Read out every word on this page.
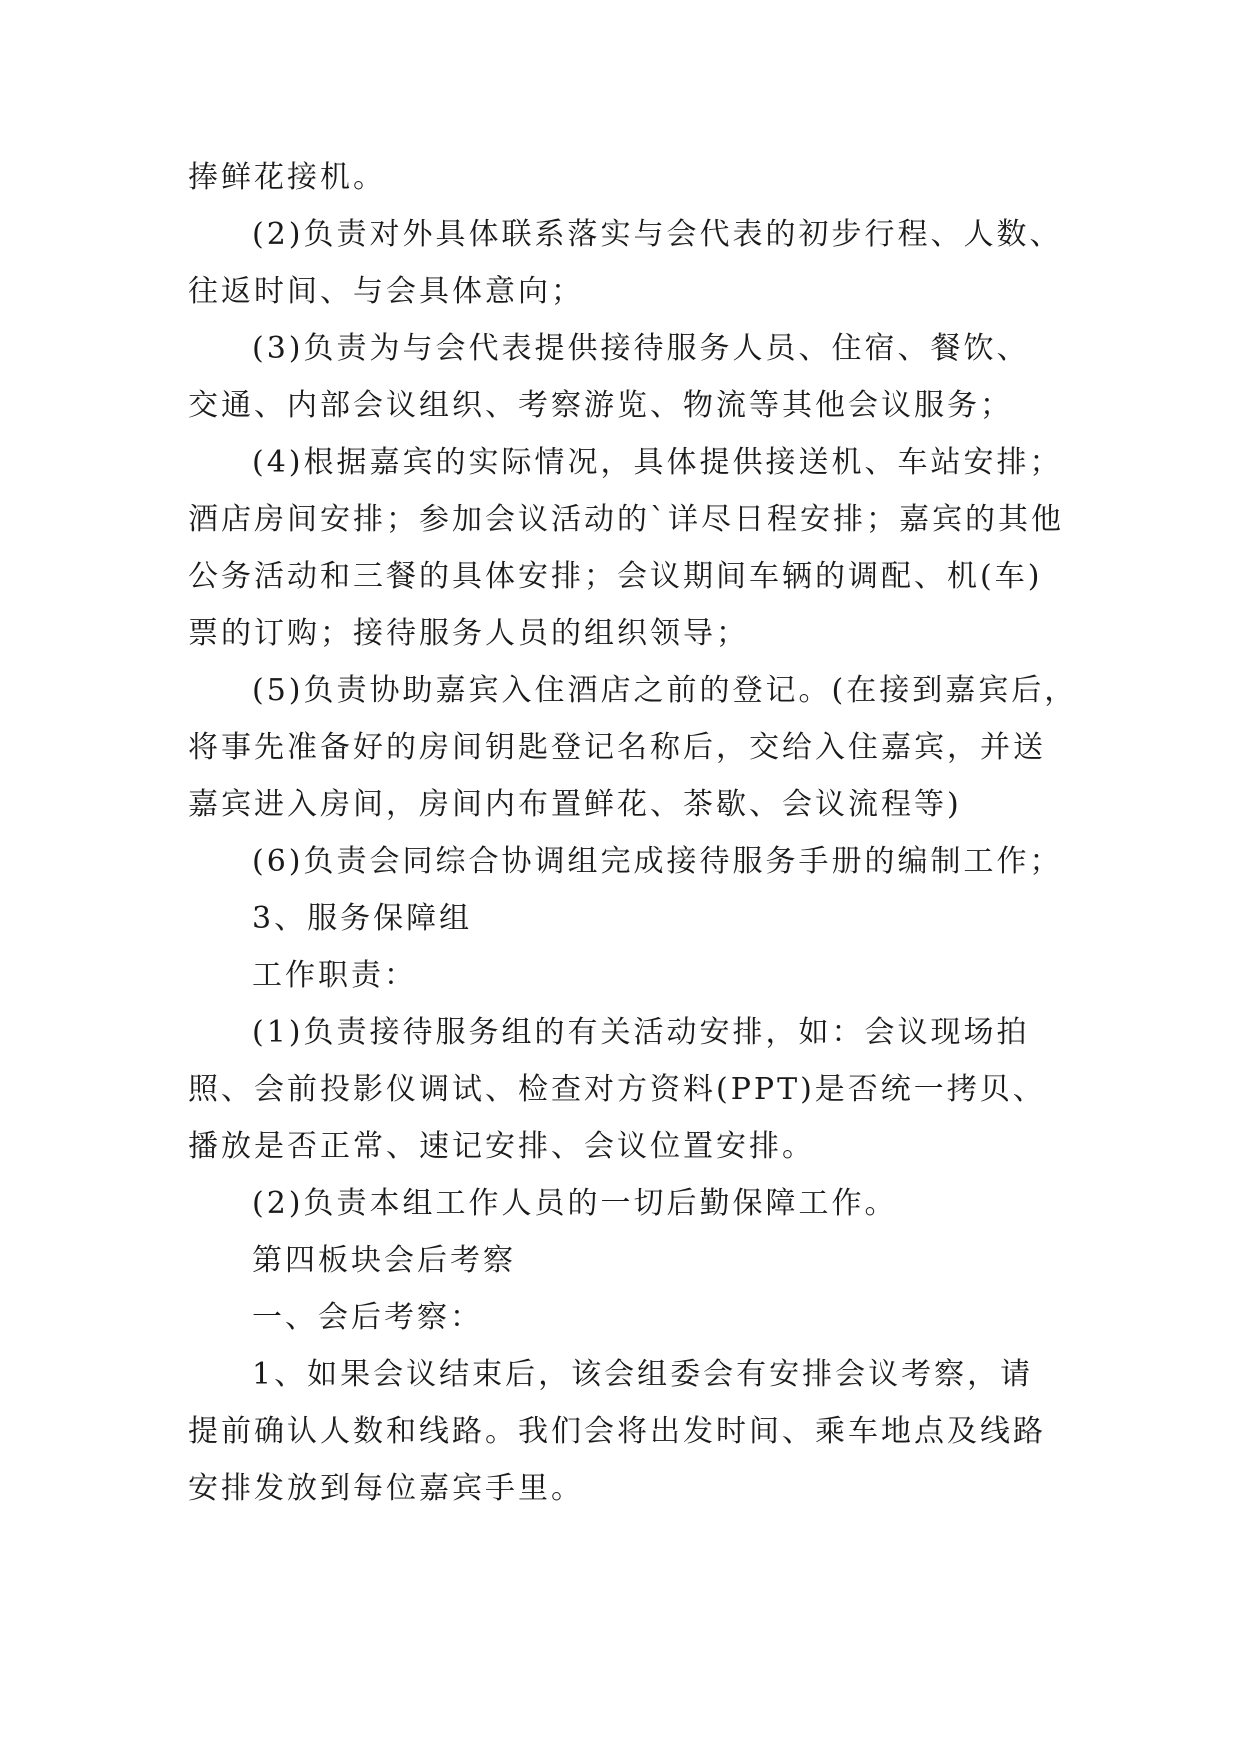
捧鲜花接机。
(2)负责对外具体联系落实与会代表的初步行程、人数、
往返时间、与会具体意向；
(3)负责为与会代表提供接待服务人员、住宿、餐饮、
交通、内部会议组织、考察游览、物流等其他会议服务；
(4)根据嘉宾的实际情况，具体提供接送机、车站安排；
酒店房间安排；参加会议活动的`详尽日程安排；嘉宾的其他
公务活动和三餐的具体安排；会议期间车辆的调配、机(车)
票的订购；接待服务人员的组织领导；
(5)负责协助嘉宾入住酒店之前的登记。(在接到嘉宾后，
将事先准备好的房间钥匙登记名称后，交给入住嘉宾，并送
嘉宾进入房间，房间内布置鲜花、茶歇、会议流程等)
(6)负责会同综合协调组完成接待服务手册的编制工作；
3、服务保障组
工作职责：
(1)负责接待服务组的有关活动安排，如：会议现场拍
照、会前投影仪调试、检查对方资料(PPT)是否统一拷贝、
播放是否正常、速记安排、会议位置安排。
(2)负责本组工作人员的一切后勤保障工作。
第四板块会后考察
一、会后考察：
1、如果会议结束后，该会组委会有安排会议考察，请
提前确认人数和线路。我们会将出发时间、乘车地点及线路
安排发放到每位嘉宾手里。
